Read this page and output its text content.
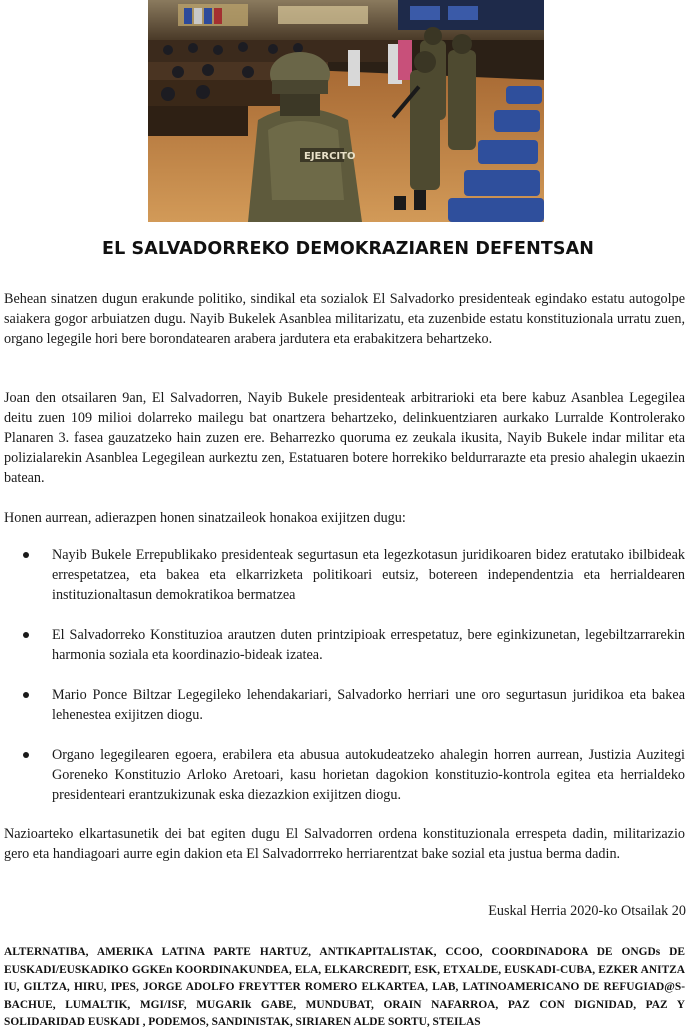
EJERCITO
EL SALVADORREKO DEMOKRAZIAREN DEFENTSAN

Behean sinatzen dugun erakunde politiko, sindikal eta sozialok El Salvadorko presidenteak egindako estatu autogolpe saiakera gogor arbuiatzen dugu. Nayib Bukelek Asanblea militarizatu, eta zuzenbide estatu konstituzionala urratu zuen, organo legegile hori bere borondatearen arabera jardutera eta erabakitzera behartzeko.

Joan den otsailaren 9an, El Salvadorren, Nayib Bukele presidenteak arbitrarioki eta bere kabuz Asanblea Legegilea deitu zuen 109 milioi dolarreko mailegu bat onartzera behartzeko, delinkuentziaren aurkako Lurralde Kontrolerako Planaren 3. fasea gauzatzeko hain zuzen ere. Beharrezko quoruma ez zeukala ikusita, Nayib Bukele indar militar eta polizialarekin Asanblea Legegilean aurkeztu zen, Estatuaren botere horrekiko beldurrarazte eta presio ahalegin ukaezin batean.

Honen aurrean, adierazpen honen sinatzaileok honakoa exijitzen dugu:

Nayib Bukele Errepublikako presidenteak segurtasun eta legezkotasun juridikoaren bidez eratutako ibilbideak errespetatzea, eta bakea eta elkarrizketa politikoari eutsiz, botereen independentzia eta herrialdearen instituzionaltasun demokratikoa bermatzea

El Salvadorreko Konstituzioa arautzen duten printzipioak errespetatuz, bere eginkizunetan, legebiltzarrarekin harmonia soziala eta koordinazio-bideak izatea.

Mario Ponce Biltzar Legegileko lehendakariari, Salvadorko herriari une oro segurtasun juridikoa eta bakea lehenestea exijitzen diogu.

Organo legegilearen egoera, erabilera eta abusua autokudeatzeko ahalegin horren aurrean, Justizia Auzitegi Goreneko Konstituzio Arloko Aretoari, kasu horietan dagokion konstituzio-kontrola egitea eta herrialdeko presidenteari erantzukizunak eska diezazkion exijitzen diogu.

Nazioarteko elkartasunetik dei bat egiten dugu El Salvadorren ordena konstituzionala errespeta dadin, militarizazio gero eta handiagoari aurre egin dakion eta El Salvadorrreko herriarentzat bake sozial eta justua berma dadin.

Euskal Herria 2020-ko Otsailak 20

ALTERNATIBA, AMERIKA LATINA PARTE HARTUZ, ANTIKAPITALISTAK, CCOO, COORDINADORA DE ONGDs DE EUSKADI/EUSKADIKO GGKEn KOORDINAKUNDEA, ELA, ELKARCREDIT, ESK, ETXALDE, EUSKADI-CUBA, EZKER ANITZA IU, GILTZA, HIRU, IPES, JORGE ADOLFO FREYTTER ROMERO ELKARTEA, LAB, LATINOAMERICANO DE REFUGIAD@S-BACHUE, LUMALTIK, MGI/ISF, MUGARIk GABE, MUNDUBAT, ORAIN NAFARROA, PAZ CON DIGNIDAD, PAZ Y SOLIDARIDAD EUSKADI , PODEMOS, SANDINISTAK, SIRIAREN ALDE SORTU, STEILAS
